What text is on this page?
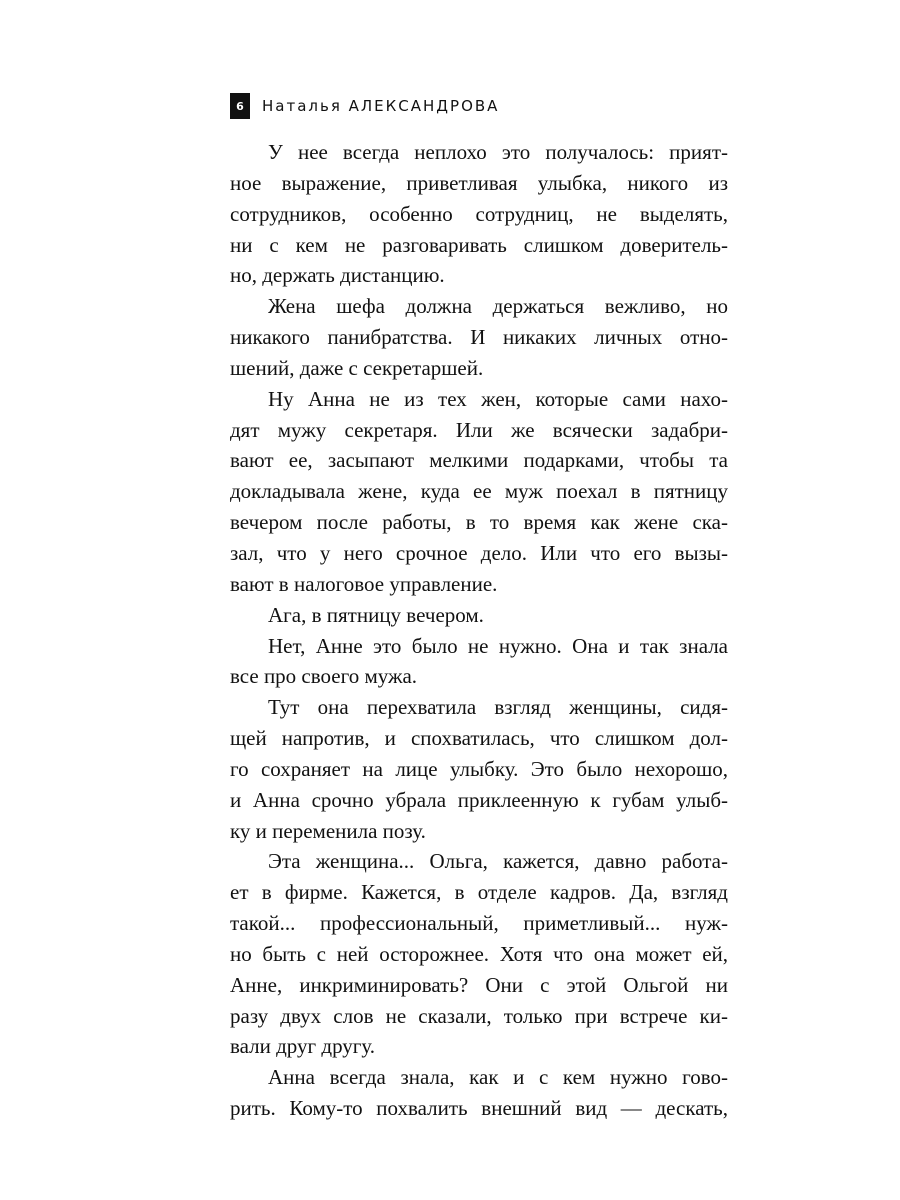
6	Наталья АЛЕКСАНДРОВА
У нее всегда неплохо это получалось: прият-
ное выражение, приветливая улыбка, никого из
сотрудников, особенно сотрудниц, не выделять,
ни с кем не разговаривать слишком доверитель-
но, держать дистанцию.
Жена шефа должна держаться вежливо, но
никакого панибратства. И никаких личных отно-
шений, даже с секретаршей.
Ну Анна не из тех жен, которые сами нахо-
дят мужу секретаря. Или же всячески задабри-
вают ее, засыпают мелкими подарками, чтобы та
докладывала жене, куда ее муж поехал в пятницу
вечером после работы, в то время как жене ска-
зал, что у него срочное дело. Или что его вызы-
вают в налоговое управление.
Ага, в пятницу вечером.
Нет, Анне это было не нужно. Она и так знала
все про своего мужа.
Тут она перехватила взгляд женщины, сидя-
щей напротив, и спохватилась, что слишком дол-
го сохраняет на лице улыбку. Это было нехорошо,
и Анна срочно убрала приклеенную к губам улыб-
ку и переменила позу.
Эта женщина... Ольга, кажется, давно работа-
ет в фирме. Кажется, в отделе кадров. Да, взгляд
такой... профессиональный, приметливый... нуж-
но быть с ней осторожнее. Хотя что она может ей,
Анне, инкриминировать? Они с этой Ольгой ни
разу двух слов не сказали, только при встрече ки-
вали друг другу.
Анна всегда знала, как и с кем нужно гово-
рить. Кому-то похвалить внешний вид — дескать,
